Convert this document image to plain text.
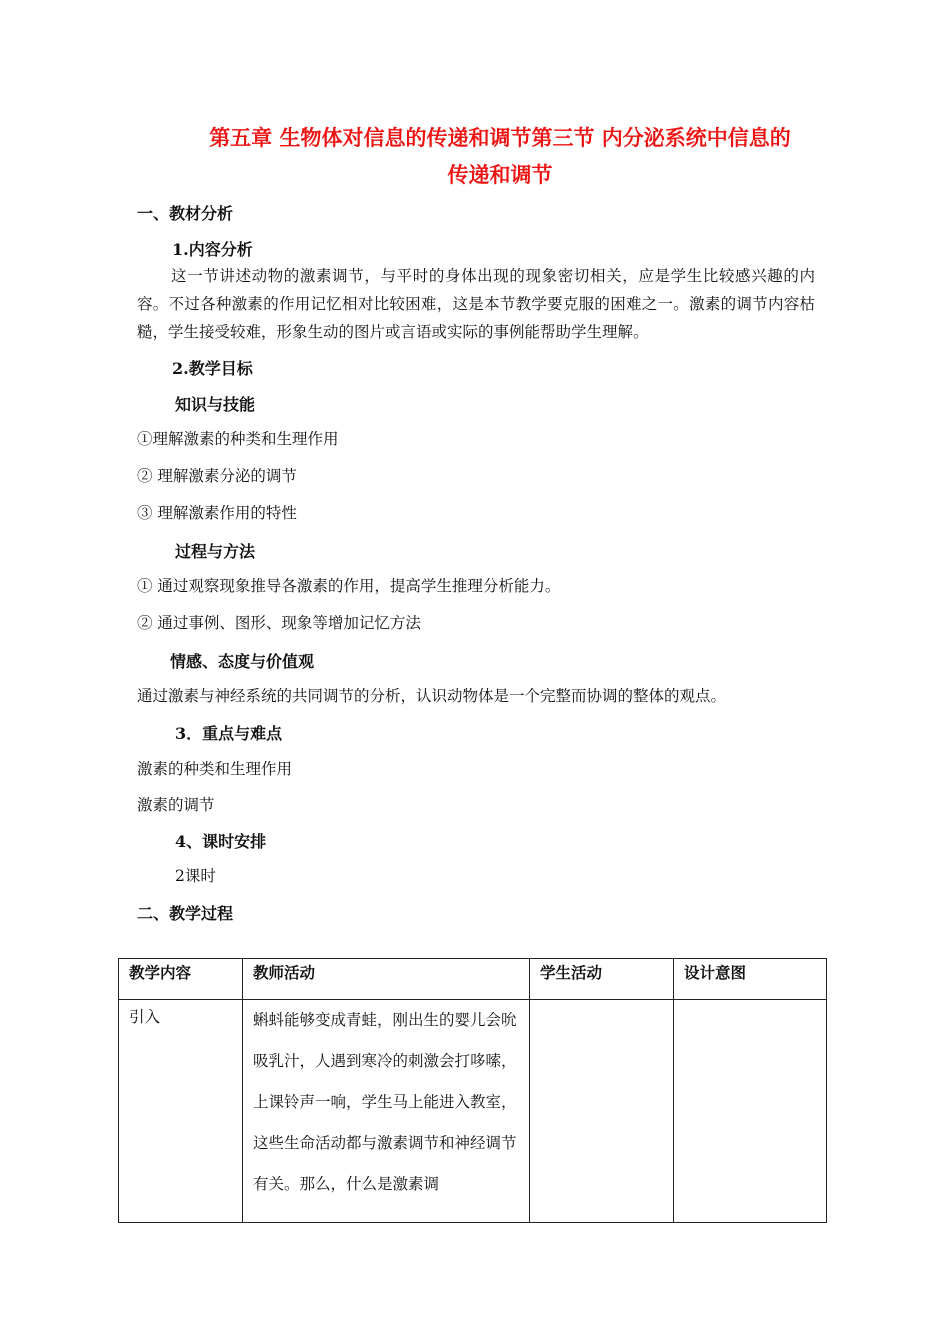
第五章 生物体对信息的传递和调节第三节 内分泌系统中信息的
传递和调节
一、教材分析
1.内容分析
这一节讲述动物的激素调节，与平时的身体出现的现象密切相关，应是学生比较感兴趣的内容。不过各种激素的作用记忆相对比较困难，这是本节教学要克服的困难之一。激素的调节内容枯糙，学生接受较难，形象生动的图片或言语或实际的事例能帮助学生理解。
2.教学目标
知识与技能
①理解激素的种类和生理作用
② 理解激素分泌的调节
③ 理解激素作用的特性
过程与方法
① 通过观察现象推导各激素的作用，提高学生推理分析能力。
② 通过事例、图形、现象等增加记忆方法
情感、态度与价值观
通过激素与神经系统的共同调节的分析，认识动物体是一个完整而协调的整体的观点。
3．重点与难点
激素的种类和生理作用
激素的调节
4、课时安排
2课时
二、教学过程
教学内容	教师活动	学生活动	设计意图
引入	蝌蚪能够变成青蛙，刚出生的婴儿会吮吸乳汁，人遇到寒冷的刺激会打哆嗦，上课铃声一响，学生马上能进入教室，这些生命活动都与激素调节和神经调节有关。那么，什么是激素调		
